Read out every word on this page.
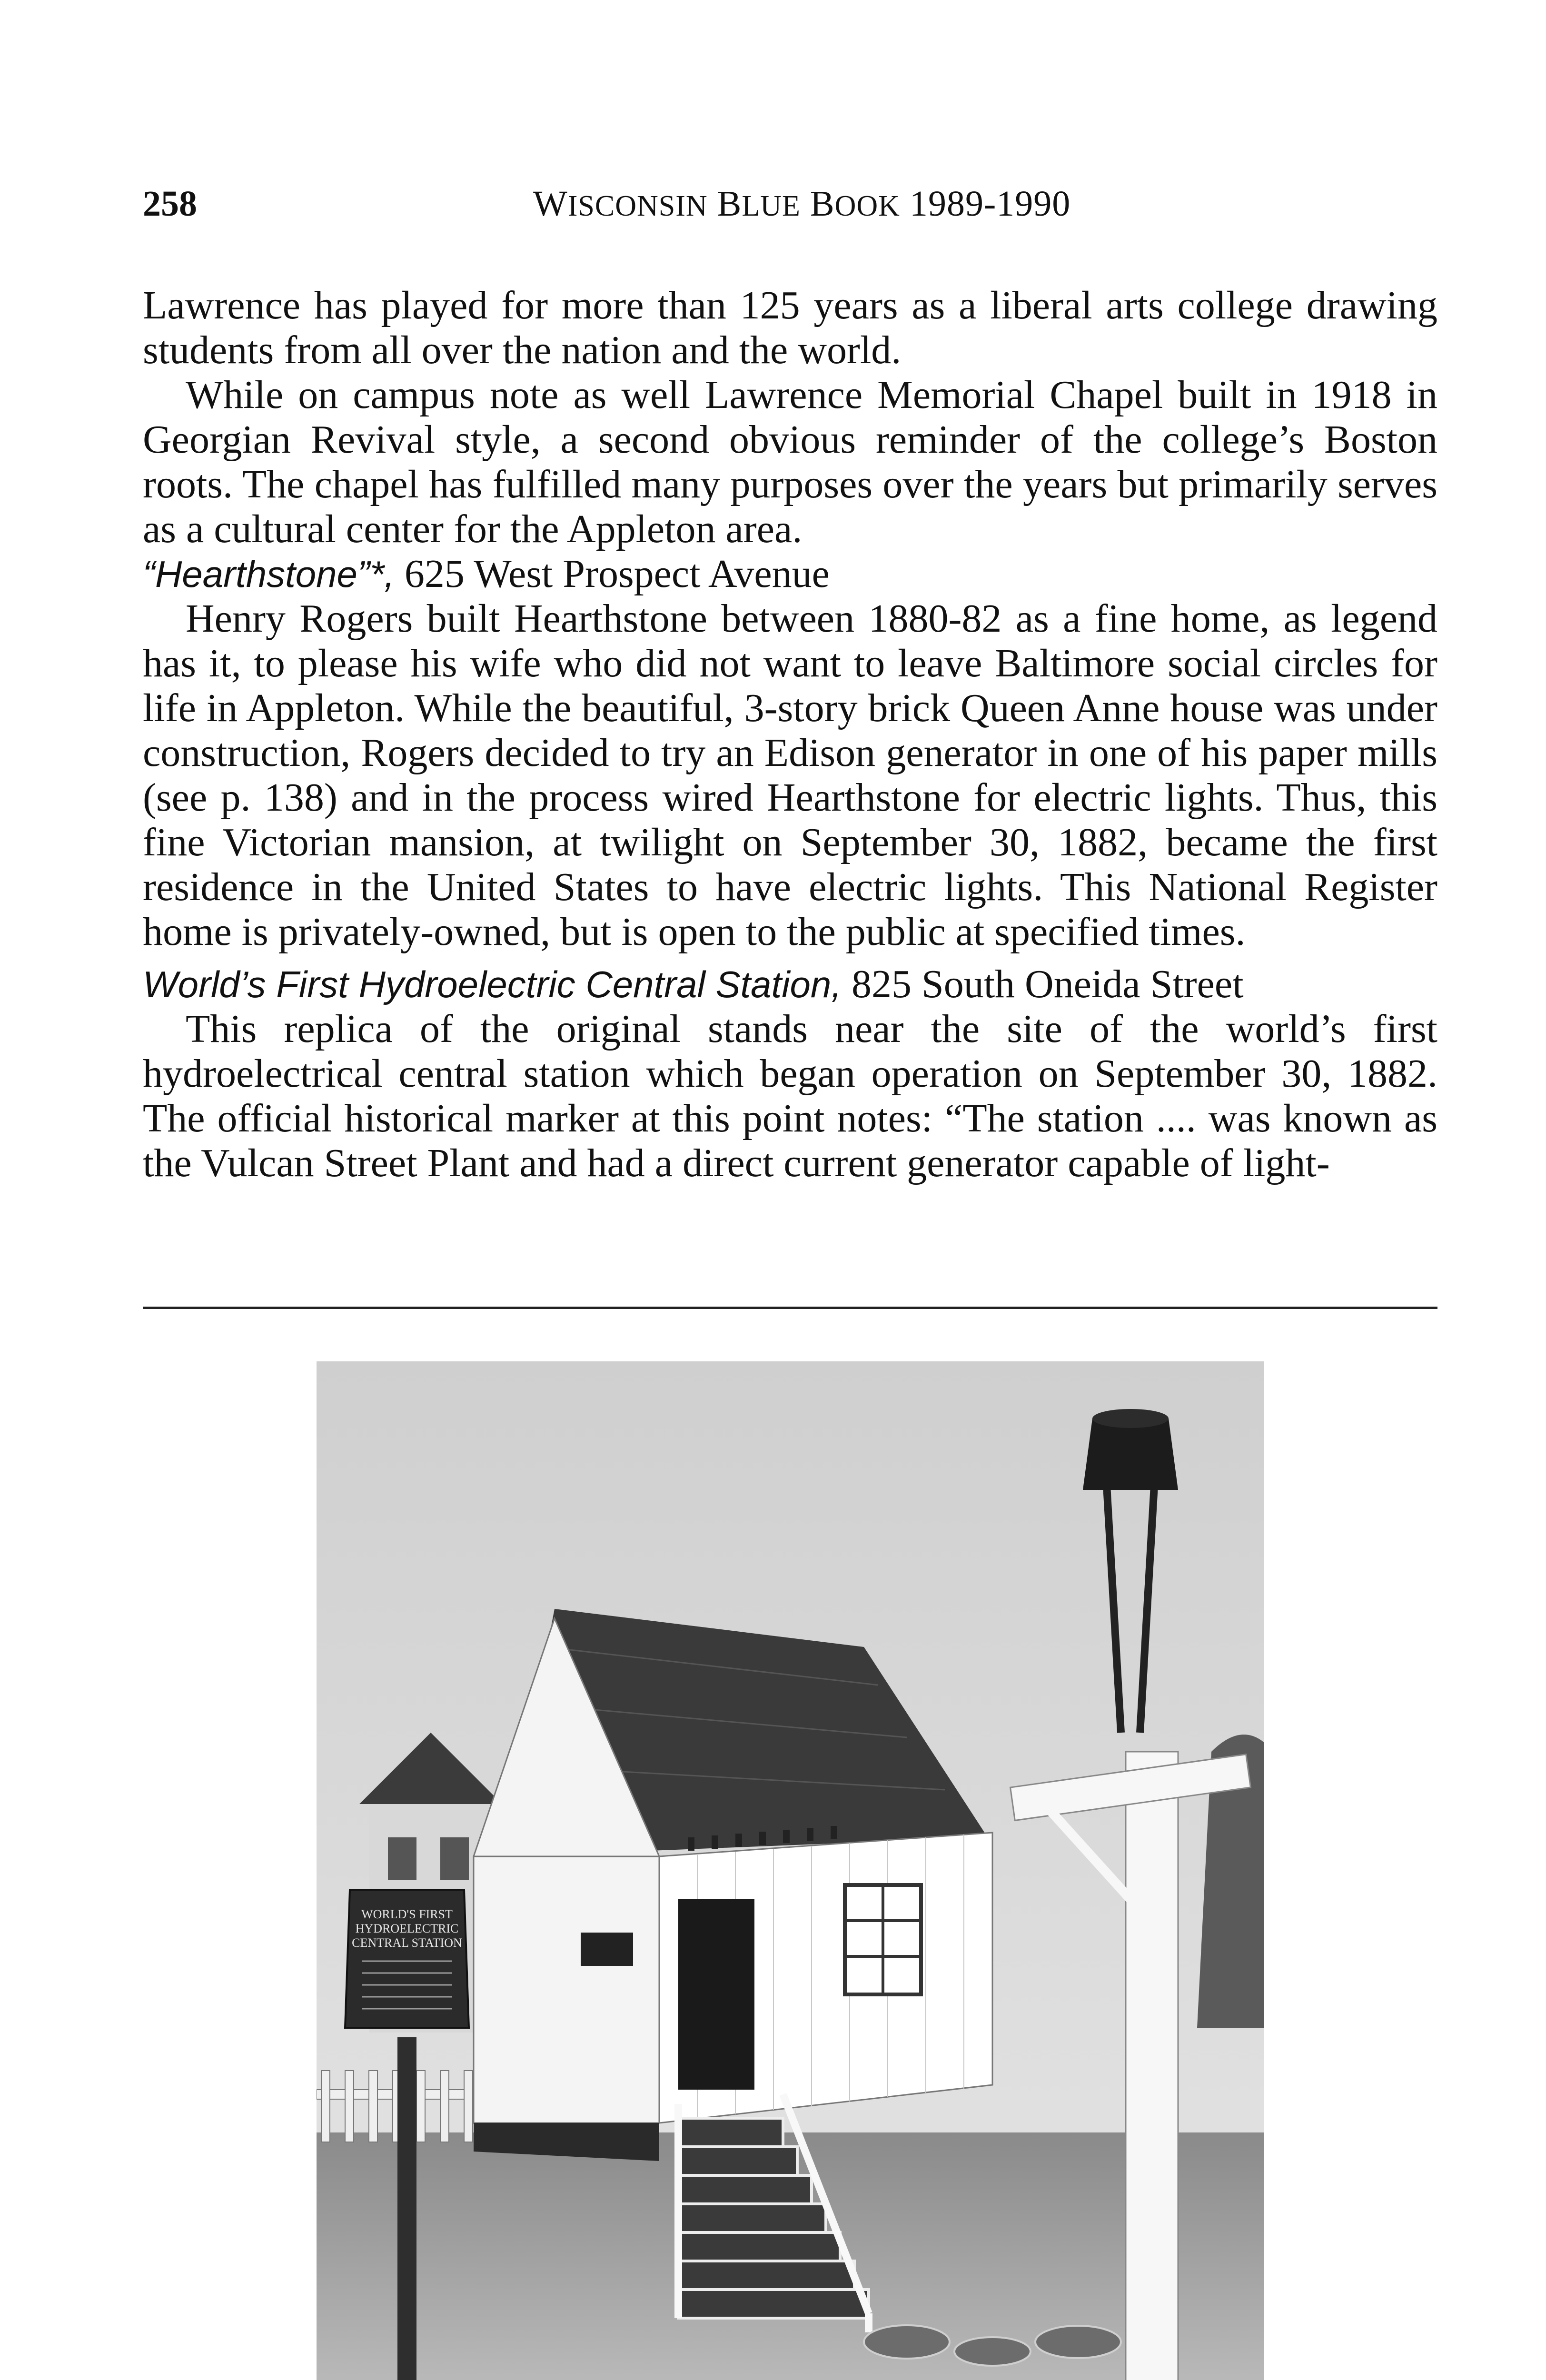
258	WISCONSIN BLUE BOOK 1989-1990

Lawrence has played for more than 125 years as a liberal arts college drawing students from all over the nation and the world.

While on campus note as well Lawrence Memorial Chapel built in 1918 in Georgian Revival style, a second obvious reminder of the college’s Boston roots. The chapel has fulfilled many purposes over the years but primarily serves as a cultural center for the Appleton area.

“Hearthstone”*, 625 West Prospect Avenue

Henry Rogers built Hearthstone between 1880-82 as a fine home, as legend has it, to please his wife who did not want to leave Baltimore social circles for life in Appleton. While the beautiful, 3-story brick Queen Anne house was under construction, Rogers decided to try an Edison generator in one of his paper mills (see p. 138) and in the process wired Hearthstone for electric lights. Thus, this fine Victorian mansion, at twilight on September 30, 1882, became the first residence in the United States to have electric lights. This National Register home is privately-owned, but is open to the public at specified times.

World’s First Hydroelectric Central Station, 825 South Oneida Street

This replica of the original stands near the site of the world’s first hydroelectrical central station which began operation on September 30, 1882. The official historical marker at this point notes: “The station .... was known as the Vulcan Street Plant and had a direct current generator capable of light-

WORLD'S FIRST
HYDROELECTRIC
CENTRAL STATION
